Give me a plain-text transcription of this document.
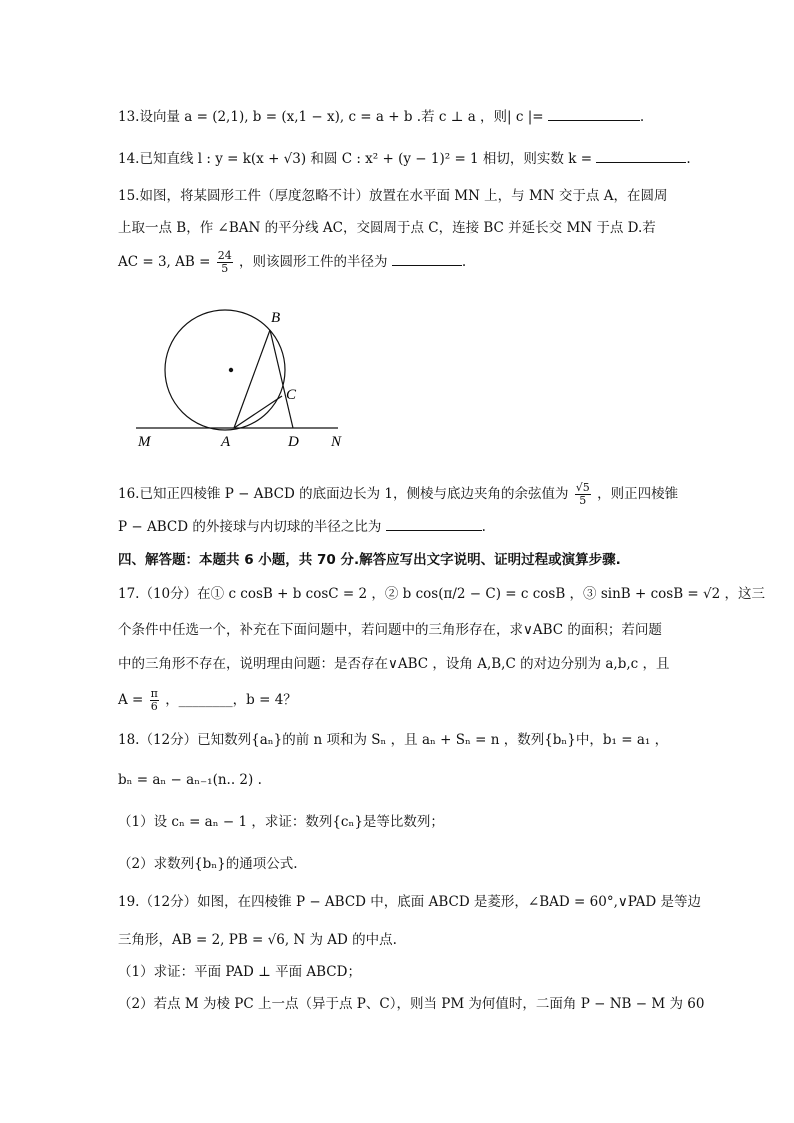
13.设向量 a = (2,1), b = (x,1 − x), c = a + b .若 c ⊥ a ，则| c |=	.
14.已知直线 l : y = k(x + √3) 和圆 C : x² + (y − 1)² = 1 相切，则实数 k =	.
15.如图，将某圆形工件（厚度忽略不计）放置在水平面 MN 上，与 MN 交于点 A，在圆周
上取一点 B，作 ∠BAN 的平分线 AC，交圆周于点 C，连接 BC 并延长交 MN 于点 D.若
AC = 3, AB = $\frac{24}{5}$ ，则该圆形工件的半径为	.
B
C
M	A	D N
16.已知正四棱锥 P − ABCD 的底面边长为 1，侧棱与底边夹角的余弦值为 $\frac{√5}{5}$ ，则正四棱锥
P − ABCD 的外接球与内切球的半径之比为	.
四、解答题：本题共 6 小题，共 70 分.解答应写出文字说明、证明过程或演算步骤.
17.（10分）在① c cosB + b cosC = 2 ，② b cos(π/2 − C) = c cosB ，③ sinB + cosB = √2 ，这三
个条件中任选一个，补充在下面问题中，若问题中的三角形存在，求∨ABC 的面积；若问题
中的三角形不存在，说明理由问题：是否存在∨ABC ，设角 A,B,C 的对边分别为 a,b,c ，且
$A = \frac{\pi}{6}$ ，________，b = 4？
18.（12分）已知数列{aₙ}的前 n 项和为 Sₙ ，且 aₙ + Sₙ = n ，数列{bₙ}中，b₁ = a₁ ，
bₙ = aₙ − aₙ₋₁(n.. 2) .
（1）设 cₙ = aₙ − 1 ，求证：数列{cₙ}是等比数列；
（2）求数列{bₙ}的通项公式.
19.（12分）如图，在四棱锥 P − ABCD 中，底面 ABCD 是菱形，∠BAD = 60°,∨PAD 是等边
三角形，AB = 2, PB = √6, N 为 AD 的中点.
（1）求证：平面 PAD ⊥ 平面 ABCD；
（2）若点 M 为棱 PC 上一点（异于点 P、C），则当 PM 为何值时，二面角 P − NB − M 为 60
